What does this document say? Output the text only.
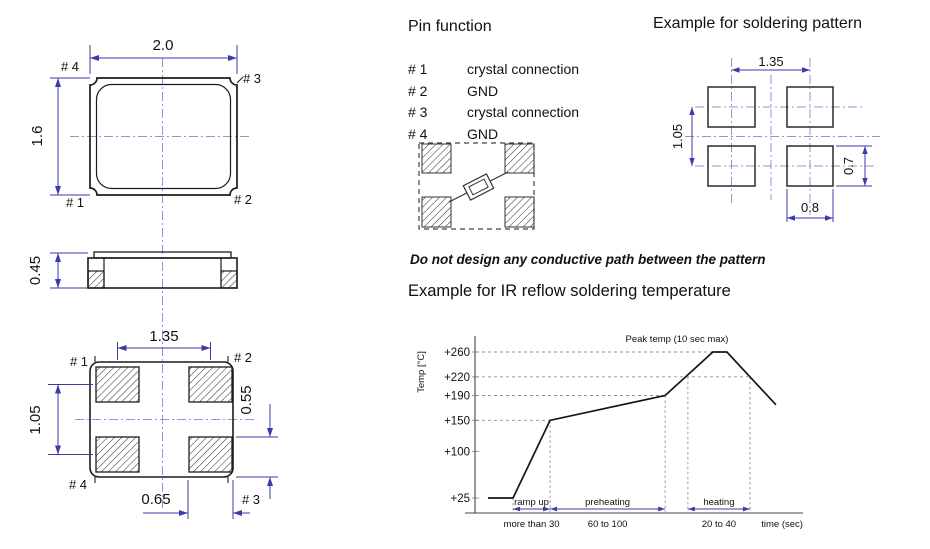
2.0
1.6
# 4
# 3
# 1	# 2
0.45
1.35
1.05
0.55
0.65
# 1	# 2
# 4
# 3
Pin function
# 1	crystal connection
# 2	GND
# 3	crystal connection
# 4	GND
Example for soldering pattern
1.35
1.05
0.7
0.8
Do not design any conductive path between the pattern
Example for IR reflow soldering temperature
+260
+220
+190
+150
+100
+25
Temp [°C]
Peak temp (10 sec max)
ramp up
more than 30
preheating
60 to 100
heating
20 to 40	time (sec)
